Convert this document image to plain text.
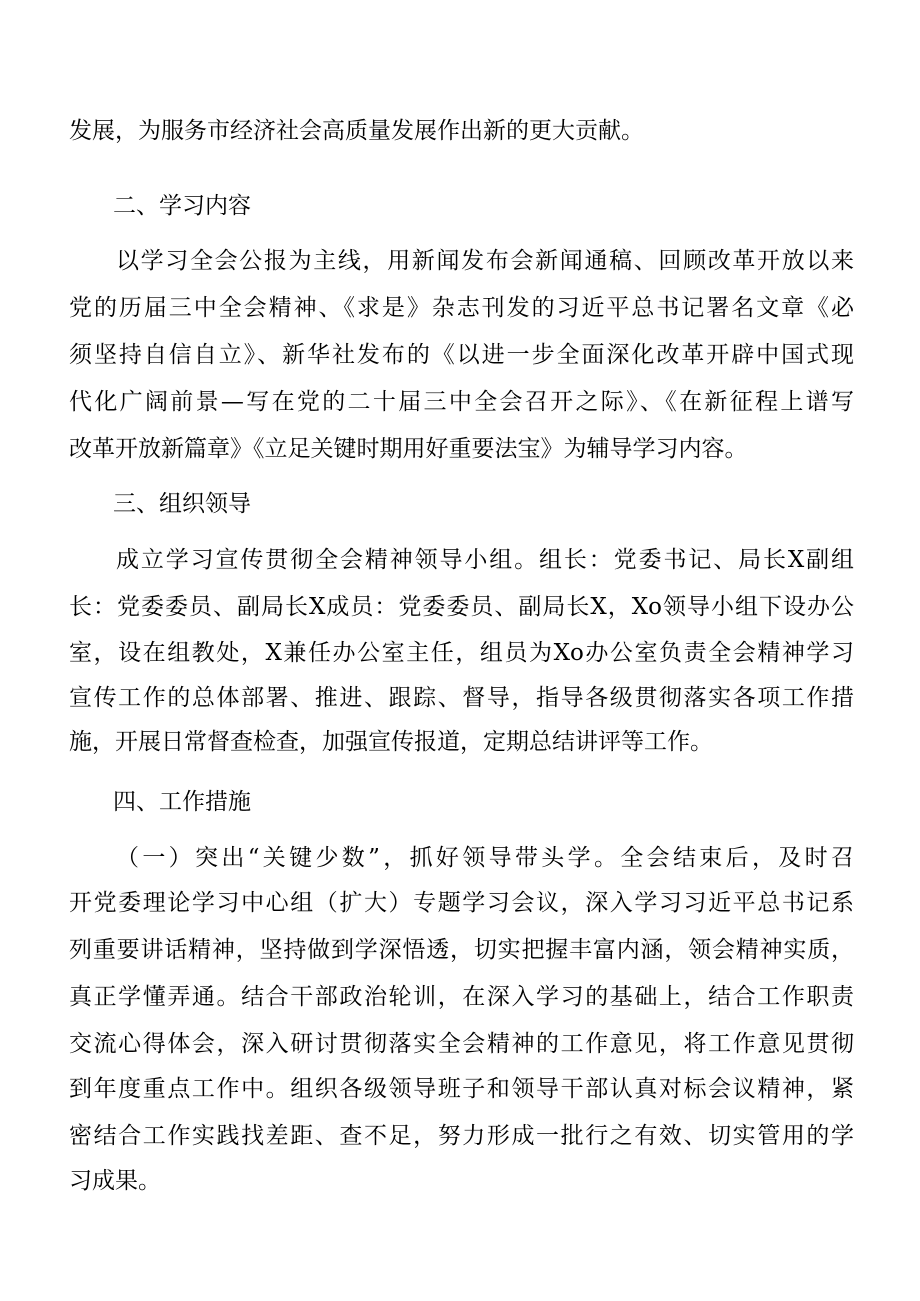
发展，为服务市经济社会高质量发展作出新的更大贡献。
二、学习内容
以学习全会公报为主线，用新闻发布会新闻通稿、回顾改革开放以来
党的历届三中全会精神、《求是》杂志刊发的习近平总书记署名文章《必
须坚持自信自立》、新华社发布的《以进一步全面深化改革开辟中国式现
代化广阔前景—写在党的二十届三中全会召开之际》、《在新征程上谱写
改革开放新篇章》《立足关键时期用好重要法宝》为辅导学习内容。
三、组织领导
成立学习宣传贯彻全会精神领导小组。组长：党委书记、局长X副组
长：党委委员、副局长X成员：党委委员、副局长X，Xo领导小组下设办公
室，设在组教处，X兼任办公室主任，组员为Xo办公室负责全会精神学习
宣传工作的总体部署、推进、跟踪、督导，指导各级贯彻落实各项工作措
施，开展日常督查检查，加强宣传报道，定期总结讲评等工作。
四、工作措施
（一）突出“关键少数”，抓好领导带头学。全会结束后，及时召
开党委理论学习中心组（扩大）专题学习会议，深入学习习近平总书记系
列重要讲话精神，坚持做到学深悟透，切实把握丰富内涵，领会精神实质，
真正学懂弄通。结合干部政治轮训，在深入学习的基础上，结合工作职责
交流心得体会，深入研讨贯彻落实全会精神的工作意见，将工作意见贯彻
到年度重点工作中。组织各级领导班子和领导干部认真对标会议精神，紧
密结合工作实践找差距、查不足，努力形成一批行之有效、切实管用的学
习成果。
